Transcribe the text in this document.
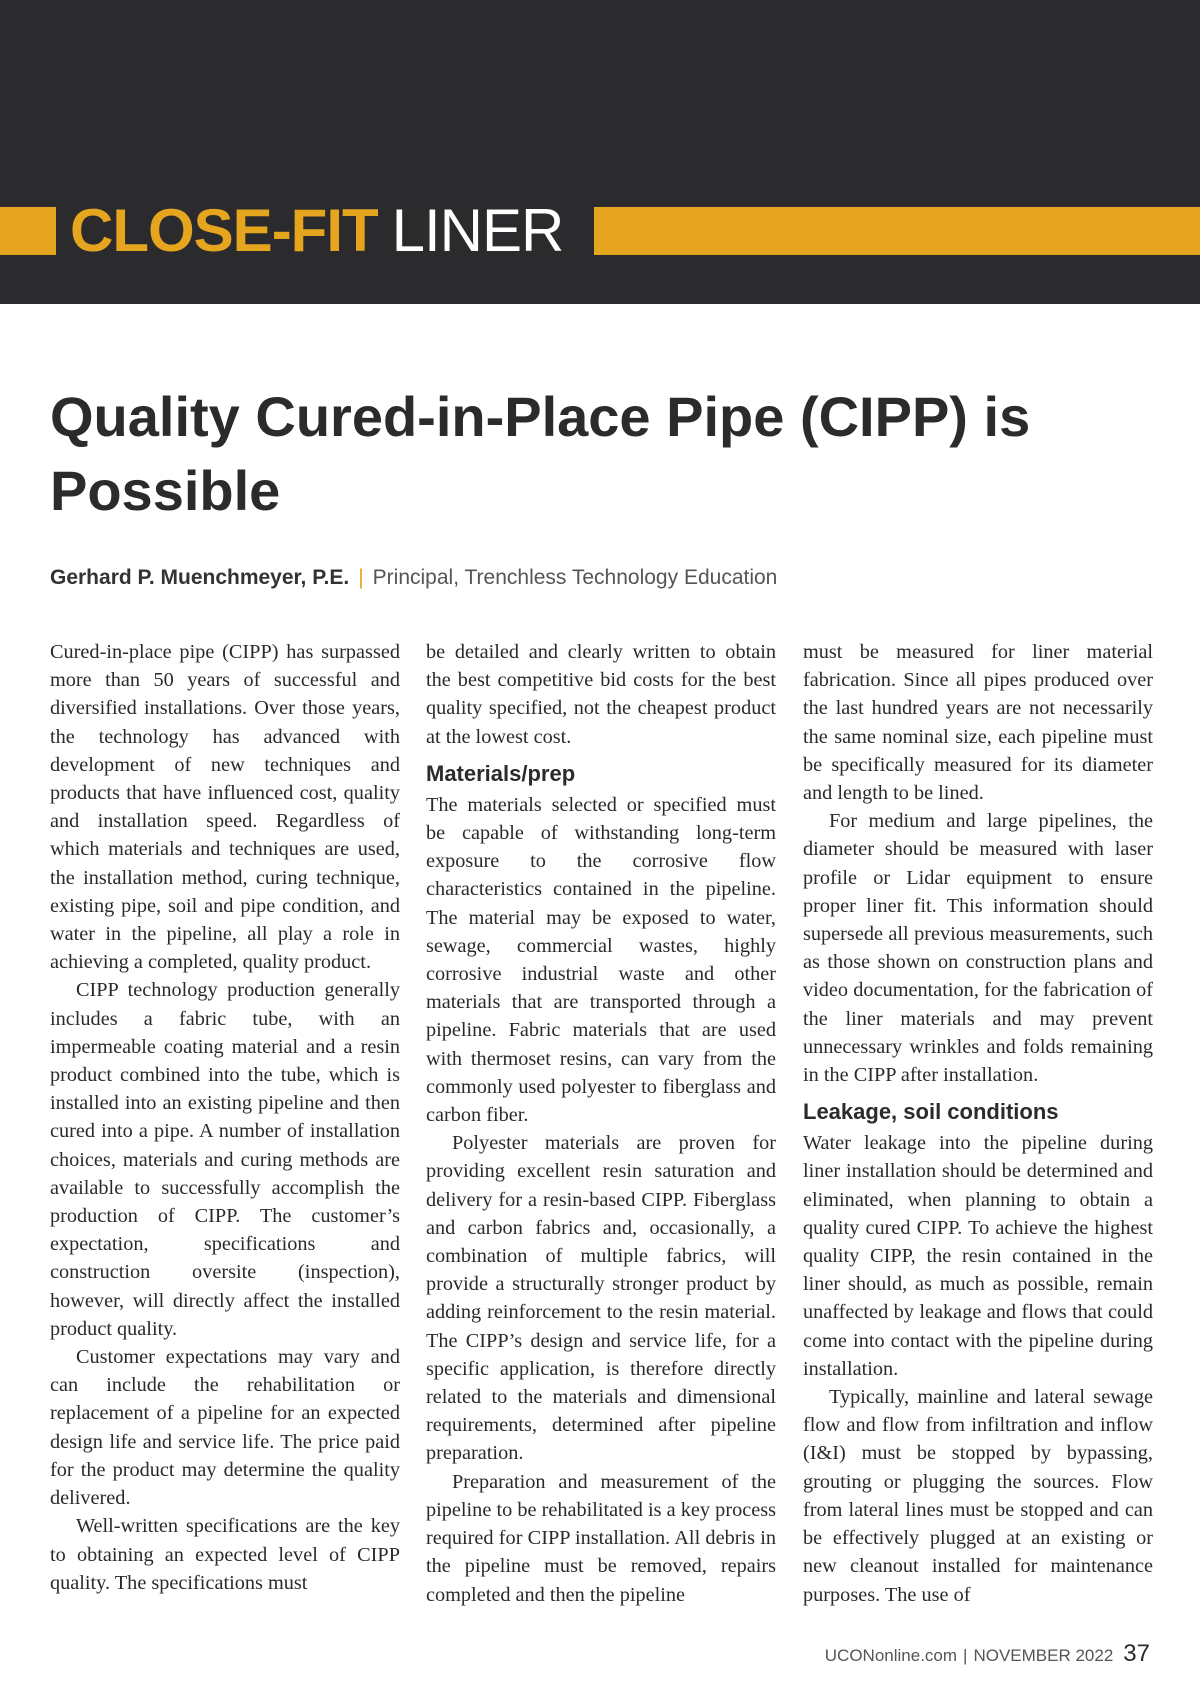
CLOSE-FIT LINER
Quality Cured-in-Place Pipe (CIPP) is Possible
Gerhard P. Muenchmeyer, P.E. | Principal, Trenchless Technology Education

Cured-in-place pipe (CIPP) has surpassed more than 50 years of successful and diversified installations. Over those years, the technology has advanced with development of new techniques and products that have influenced cost, quality and installation speed. Regardless of which materials and techniques are used, the installation method, curing technique, existing pipe, soil and pipe condition, and water in the pipeline, all play a role in achieving a completed, quality product.

CIPP technology production generally includes a fabric tube, with an impermeable coating material and a resin product combined into the tube, which is installed into an existing pipeline and then cured into a pipe. A number of installation choices, materials and curing methods are available to successfully accomplish the production of CIPP. The customer’s expectation, specifications and construction oversite (inspection), however, will directly affect the installed product quality.

Customer expectations may vary and can include the rehabilitation or replacement of a pipeline for an expected design life and service life. The price paid for the product may determine the quality delivered.

Well-written specifications are the key to obtaining an expected level of CIPP quality. The specifications must

be detailed and clearly written to obtain the best competitive bid costs for the best quality specified, not the cheapest product at the lowest cost.

Materials/prep

The materials selected or specified must be capable of withstanding long-term exposure to the corrosive flow characteristics contained in the pipeline. The material may be exposed to water, sewage, commercial wastes, highly corrosive industrial waste and other materials that are transported through a pipeline. Fabric materials that are used with thermoset resins, can vary from the commonly used polyester to fiberglass and carbon fiber.

Polyester materials are proven for providing excellent resin saturation and delivery for a resin-based CIPP. Fiberglass and carbon fabrics and, occasionally, a combination of multiple fabrics, will provide a structurally stronger product by adding reinforcement to the resin material. The CIPP’s design and service life, for a specific application, is therefore directly related to the materials and dimensional requirements, determined after pipeline preparation.

Preparation and measurement of the pipeline to be rehabilitated is a key process required for CIPP installation. All debris in the pipeline must be removed, repairs completed and then the pipeline

must be measured for liner material fabrication. Since all pipes produced over the last hundred years are not necessarily the same nominal size, each pipeline must be specifically measured for its diameter and length to be lined.

For medium and large pipelines, the diameter should be measured with laser profile or Lidar equipment to ensure proper liner fit. This information should supersede all previous measurements, such as those shown on construction plans and video documentation, for the fabrication of the liner materials and may prevent unnecessary wrinkles and folds remaining in the CIPP after installation.

Leakage, soil conditions

Water leakage into the pipeline during liner installation should be determined and eliminated, when planning to obtain a quality cured CIPP. To achieve the highest quality CIPP, the resin contained in the liner should, as much as possible, remain unaffected by leakage and flows that could come into contact with the pipeline during installation.

Typically, mainline and lateral sewage flow and flow from infiltration and inflow (I&I) must be stopped by bypassing, grouting or plugging the sources. Flow from lateral lines must be stopped and can be effectively plugged at an existing or new cleanout installed for maintenance purposes. The use of

UCONonline.com | NOVEMBER 2022 37
